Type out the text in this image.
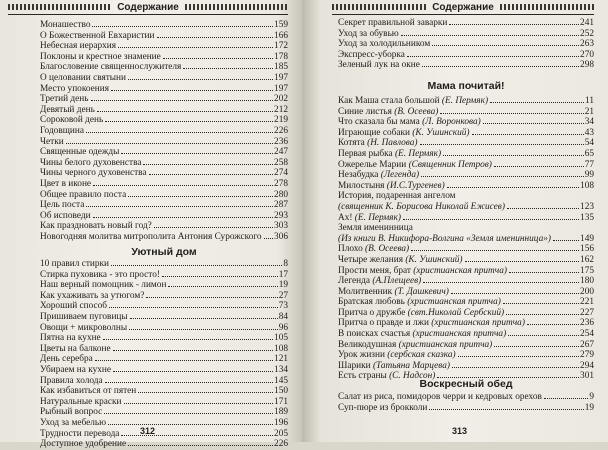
Содержание
Монашество	159
О Божественной Евхаристии	166
Небесная иерархия	172
Поклоны и крестное знамение	178
Благословение священнослужителя	185
О целовании святыни	197
Место упокоения	197
Третий день	202
Девятый день	212
Сороковой день	219
Годовщина	226
Четки	236
Священные одежды	247
Чины белого духовенства	258
Чины черного духовенства	274
Цвет в иконе	278
Общее правило поста	280
Цель поста	287
Об исповеди	293
Как праздновать новый год?	303
Новогодняя молитва митрополита Антония Сурожского 306
Уютный дом
10 правил стирки	8
Стирка пуховика - это просто!	17
Наш верный помощник - лимон	19
Как ухаживать за утюгом?	27
Хороший способ	73
Пришиваем пуговицы	84
Овощи + микроволны	96
Пятна на кухне	105
Цветы на балконе	108
День серебра	121
Убираем на кухне	134
Правила холода	145
Как избавиться от пятен	150
Натуральные краски	171
Рыбный вопрос	189
Уход за мебелью	196
Трудности перевода	205
Доступное удобрение	226
312
Содержание
Секрет правильной заварки	241
Уход за обувью	252
Уход за холодильником	263
Экспресс-уборка	270
Зеленый лук на окне	298
Мама почитай!
Как Маша стала большой (Е. Пермяк)	11
Синие листья (В. Осеева)	21
Что сказала бы мама (Л. Воронкова)	34
Играющие собаки (К. Ушинский)	43
Котята (Н. Павлова)	54
Первая рыбка (Е. Пермяк)	65
Ожерелье Марии (Священник Петров)	77
Незабудка (Легенда)	99
Милостыня (И.С.Тургенев)	108
История, подаренная ангелом
(священник К. Борисова Николай Ежисев)	123
Ах! (Е. Пермяк)	135
Земля именинница
(Из книги В. Никифора-Волгина «Земля именинница»)	149
Плохо (В. Осеева)	156
Четыре желания (К. Ушинский)	162
Прости меня, брат (христианская притча)	175
Легенда (А.Плещеев)	180
Молитвенник (Т. Дашкевич)	200
Братская любовь (христианская притча)	221
Притча о дружбе (свт.Николай Сербский)	227
Притча о правде и лжи (христианская притча)	236
В поисках счастья (христианская притча)	254
Великодушная (христианская притча)	267
Урок жизни (сербская сказка)	279
Шарики (Татьяна Марцева)	294
Есть страны (С. Надсон)	301
Воскресный обед
Салат из риса, помидоров черри и кедровых орехов	9
Суп-пюре из брокколи	19
313
